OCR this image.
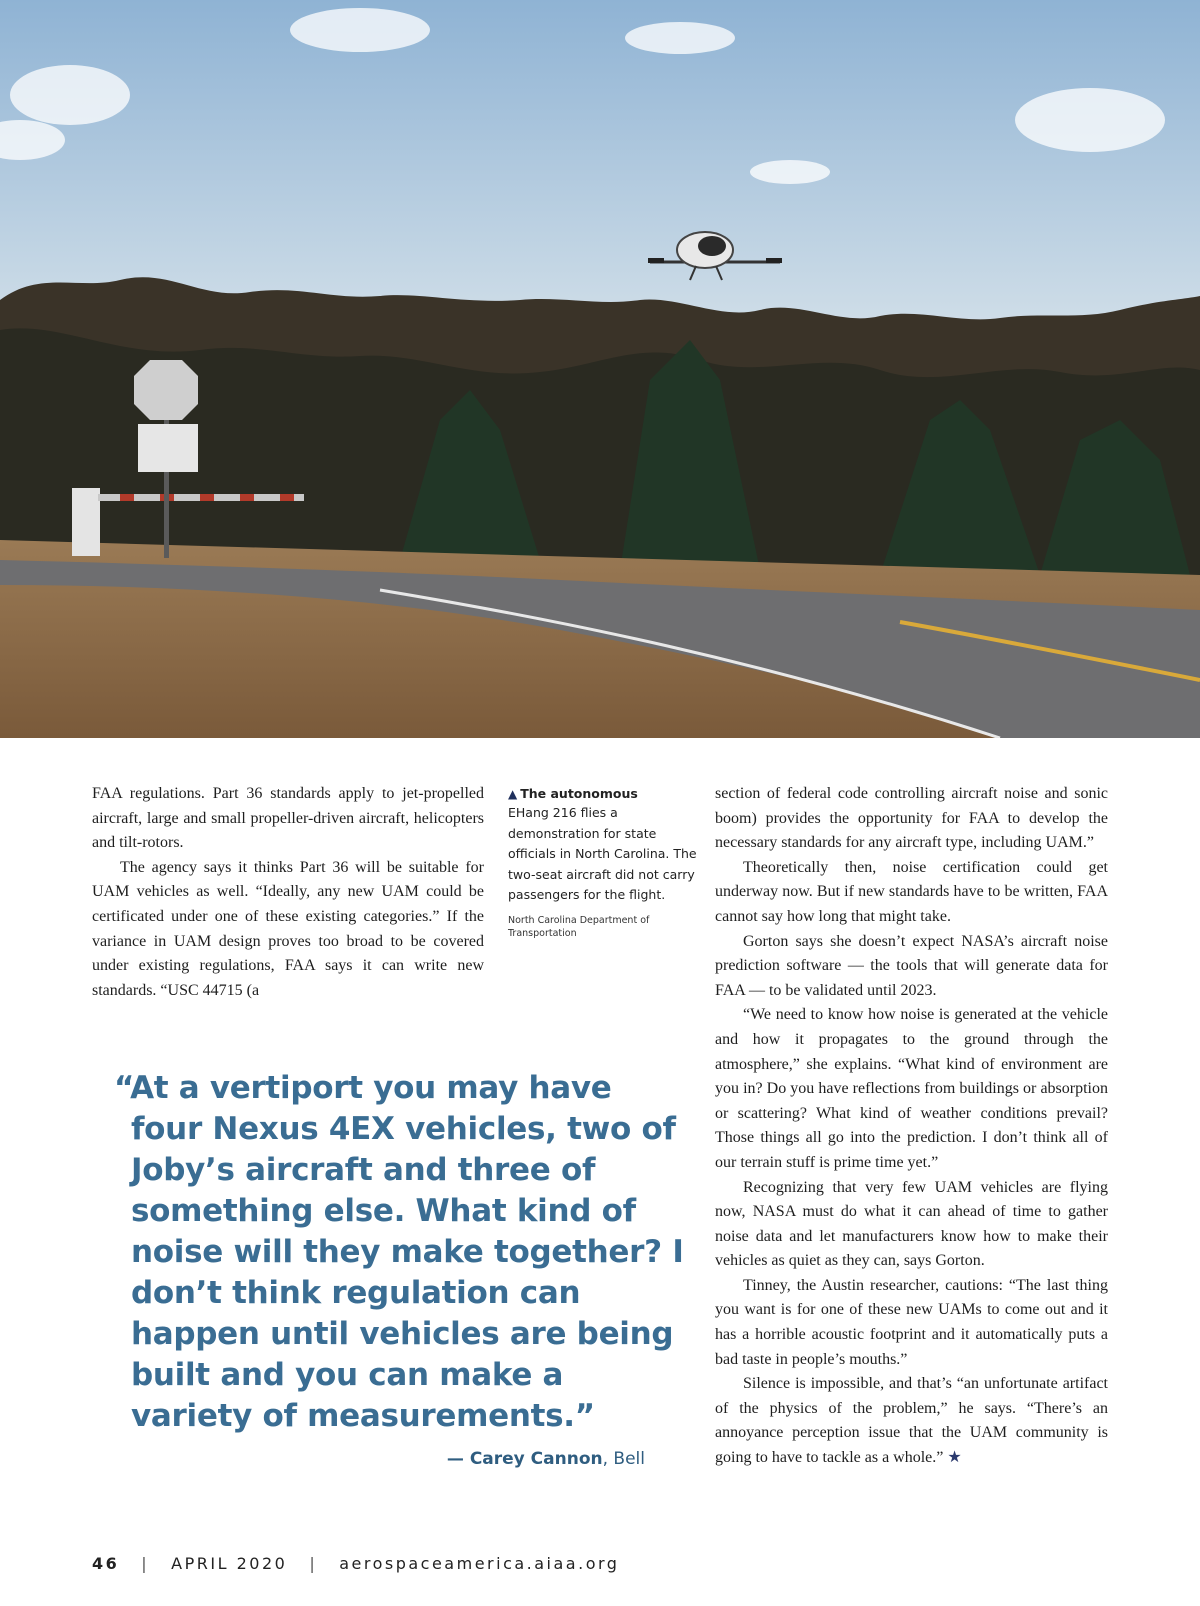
FAA regulations. Part 36 standards apply to jet-propelled aircraft, large and small propeller-driven aircraft, helicopters and tilt-rotors.

The agency says it thinks Part 36 will be suitable for UAM vehicles as well. “Ideally, any new UAM could be certificated under one of these existing categories.” If the variance in UAM design proves too broad to be covered under existing regulations, FAA says it can write new standards. “USC 44715 (a

▲ The autonomous
EHang 216 flies a demonstration for state officials in North Carolina. The two-seat aircraft did not carry passengers for the flight.
North Carolina Department of Transportation

section of federal code controlling aircraft noise and sonic boom) provides the opportunity for FAA to develop the necessary standards for any aircraft type, including UAM.”

Theoretically then, noise certification could get underway now. But if new standards have to be written, FAA cannot say how long that might take.

Gorton says she doesn’t expect NASA’s aircraft noise prediction software — the tools that will generate data for FAA — to be validated until 2023.

“We need to know how noise is generated at the vehicle and how it propagates to the ground through the atmosphere,” she explains. “What kind of environment are you in? Do you have reflections from buildings or absorption or scattering? What kind of weather conditions prevail? Those things all go into the prediction. I don’t think all of our terrain stuff is prime time yet.”

Recognizing that very few UAM vehicles are flying now, NASA must do what it can ahead of time to gather noise data and let manufacturers know how to make their vehicles as quiet as they can, says Gorton.

Tinney, the Austin researcher, cautions: “The last thing you want is for one of these new UAMs to come out and it has a horrible acoustic footprint and it automatically puts a bad taste in people’s mouths.”

Silence is impossible, and that’s “an unfortunate artifact of the physics of the problem,” he says. “There’s an annoyance perception issue that the UAM community is going to have to tackle as a whole.” ★

“At a vertiport you may have four Nexus 4EX vehicles, two of Joby’s aircraft and three of something else. What kind of noise will they make together? I don’t think regulation can happen until vehicles are being built and you can make a variety of measurements.”
— Carey Cannon, Bell
46 | APRIL 2020 | aerospaceamerica.aiaa.org
